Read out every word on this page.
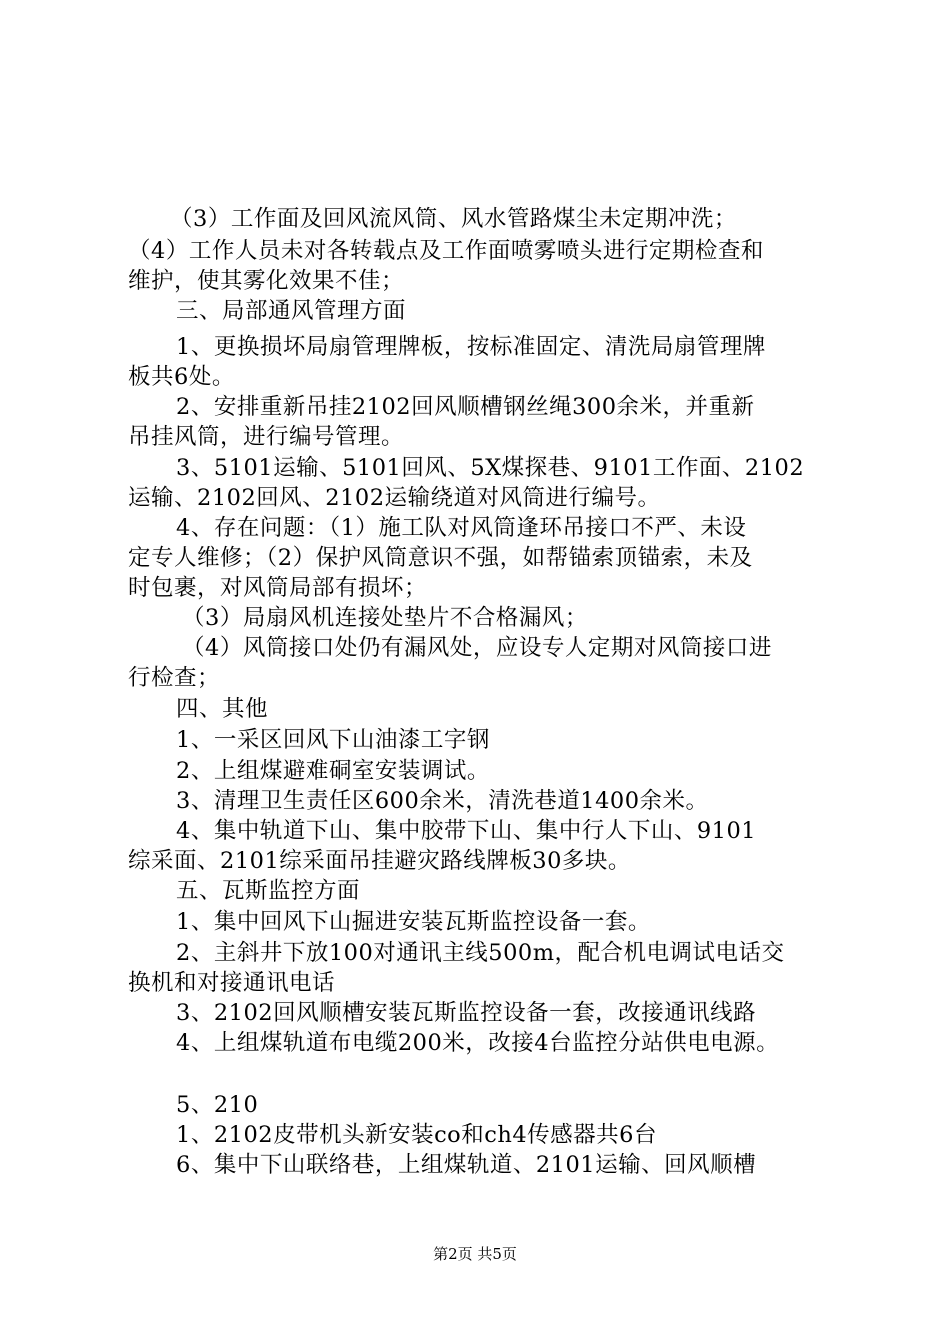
（3）工作面及回风流风筒、风水管路煤尘未定期冲洗；
（4）工作人员未对各转载点及工作面喷雾喷头进行定期检查和
维护，使其雾化效果不佳；
三、局部通风管理方面
1、更换损坏局扇管理牌板，按标准固定、清洗局扇管理牌
板共6处。
2、安排重新吊挂2102回风顺槽钢丝绳300余米，并重新
吊挂风筒，进行编号管理。
3、5101运输、5101回风、5X煤探巷、9101工作面、2102
运输、2102回风、2102运输绕道对风筒进行编号。
4、存在问题：（1）施工队对风筒逢环吊接口不严、未设
定专人维修；（2）保护风筒意识不强，如帮锚索顶锚索，未及
时包裹，对风筒局部有损坏；
（3）局扇风机连接处垫片不合格漏风；
（4）风筒接口处仍有漏风处，应设专人定期对风筒接口进
行检查；
四、其他
1、一采区回风下山油漆工字钢
2、上组煤避难硐室安装调试。
3、清理卫生责任区600余米，清洗巷道1400余米。
4、集中轨道下山、集中胶带下山、集中行人下山、9101
综采面、2101综采面吊挂避灾路线牌板30多块。
五、瓦斯监控方面
1、集中回风下山掘进安装瓦斯监控设备一套。
2、主斜井下放100对通讯主线500m，配合机电调试电话交
换机和对接通讯电话
3、2102回风顺槽安装瓦斯监控设备一套，改接通讯线路
4、上组煤轨道布电缆200米，改接4台监控分站供电电源。
5、210
1、2102皮带机头新安装co和ch4传感器共6台
6、集中下山联络巷，上组煤轨道、2101运输、回风顺槽
第2页 共5页
